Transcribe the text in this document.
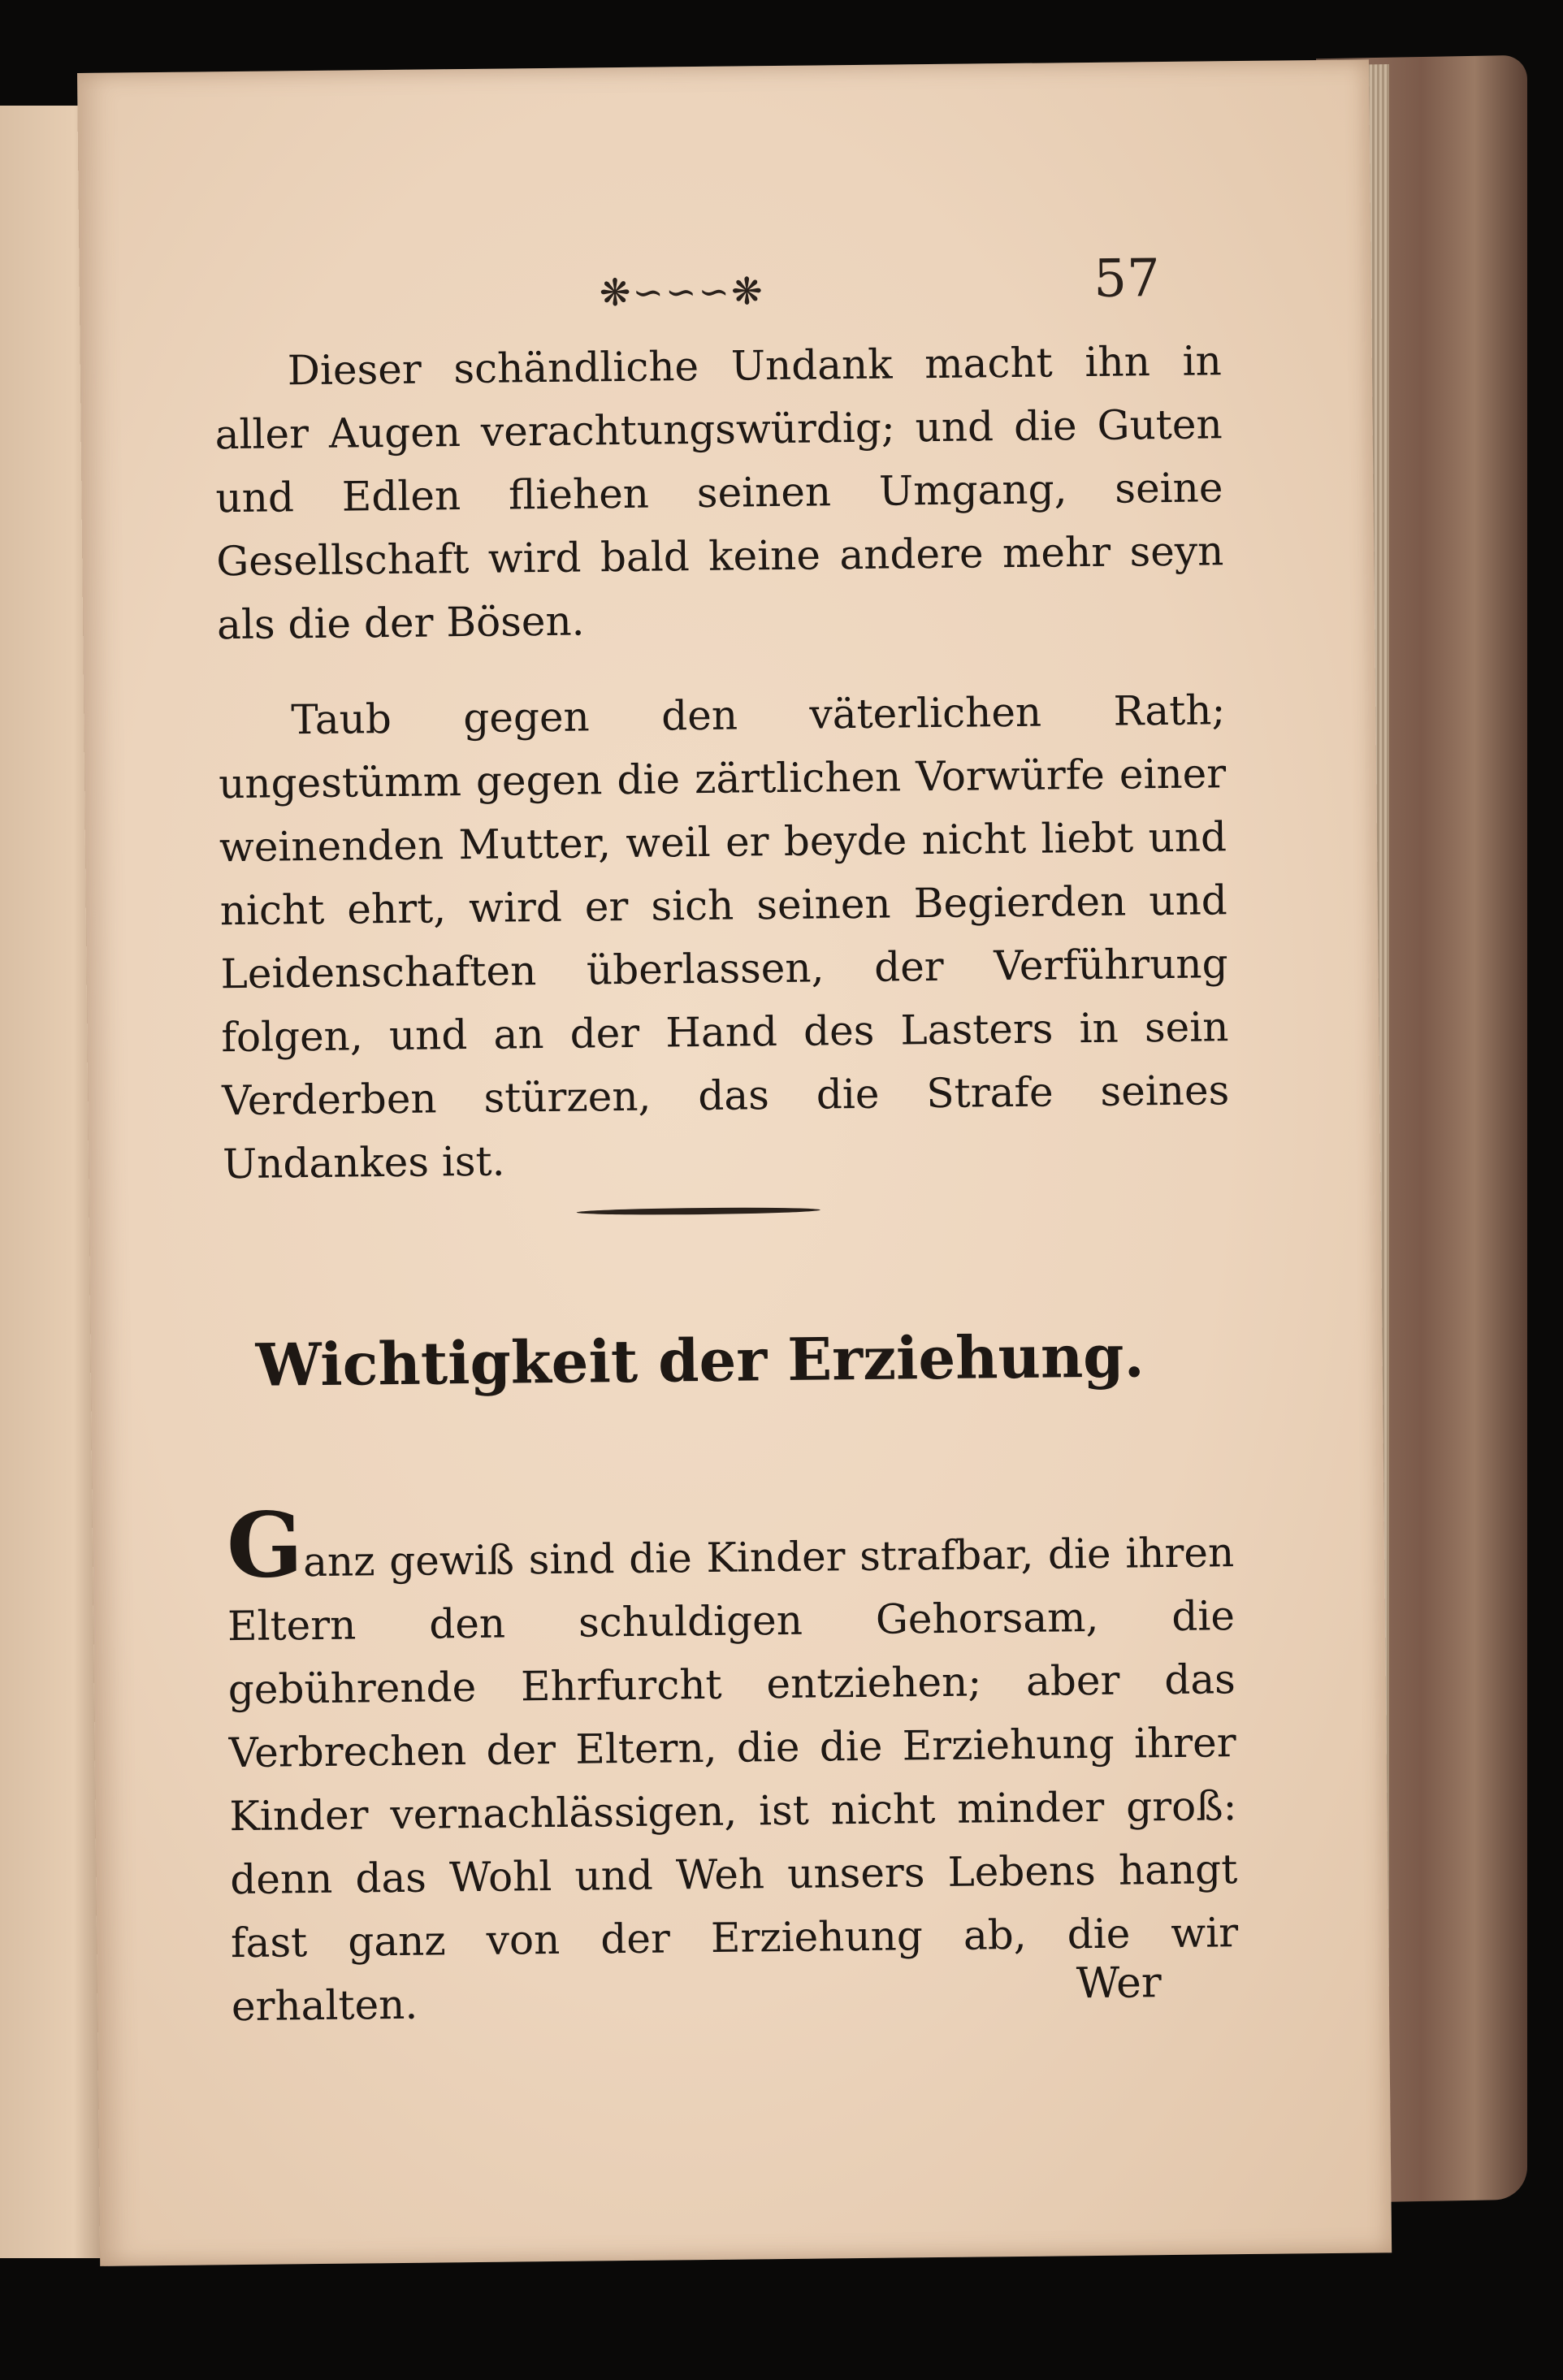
❋∽∽∽❋	57

Dieser schändliche Undank macht ihn in aller Augen verachtungswürdig; und die Guten und Edlen fliehen seinen Umgang, seine Gesellschaft wird bald keine andere mehr seyn als die der Bösen.

Taub gegen den väterlichen Rath; ungestümm gegen die zärtlichen Vorwürfe einer weinenden Mutter, weil er beyde nicht liebt und nicht ehrt, wird er sich seinen Begierden und Leidenschaften überlassen, der Verführung folgen, und an der Hand des Lasters in sein Verderben stürzen, das die Strafe seines Undankes ist.

Wichtigkeit der Erziehung.

Ganz gewiß sind die Kinder strafbar, die ihren Eltern den schuldigen Gehorsam, die gebührende Ehrfurcht entziehen; aber das Verbrechen der Eltern, die die Erziehung ihrer Kinder vernachlässigen, ist nicht minder groß: denn das Wohl und Weh unsers Lebens hangt fast ganz von der Erziehung ab, die wir erhalten.	Wer
